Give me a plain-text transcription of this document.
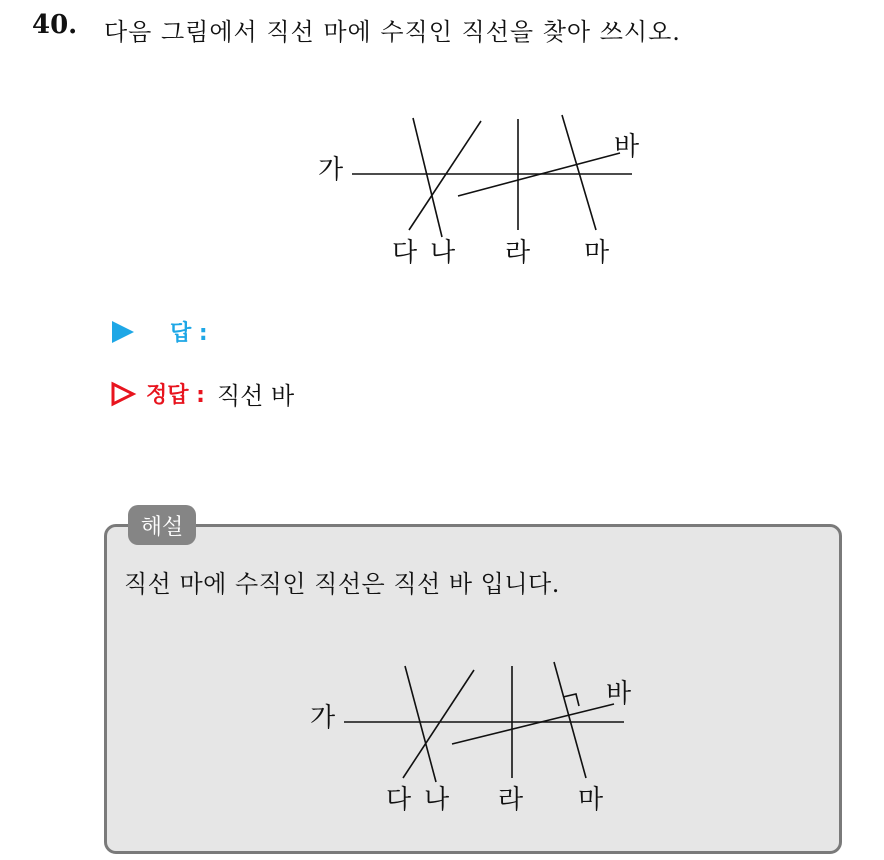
40. 다음 그림에서 직선 마에 수직인 직선을 찾아 쓰시오.
가
다 나 라 마
바
답 :
정답 : 직선 바
해설
직선 마에 수직인 직선은 직선 바 입니다.
가
다 나 라 마
바
